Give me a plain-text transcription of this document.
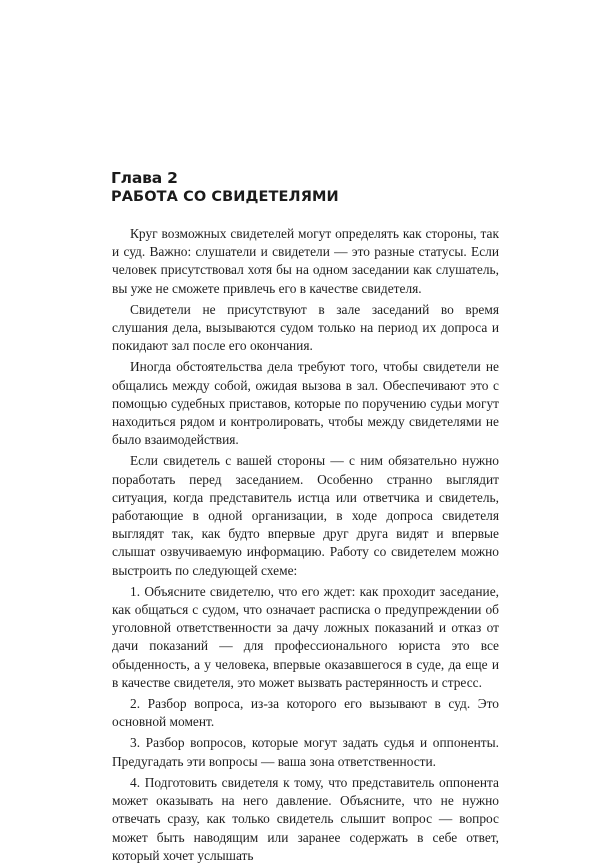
Глава 2
РАБОТА СО СВИДЕТЕЛЯМИ

Круг возможных свидетелей могут определять как стороны, так и суд. Важно: слушатели и свидетели — это разные статусы. Если человек присутствовал хотя бы на одном заседании как слушатель, вы уже не сможете привлечь его в качестве свидетеля.

Свидетели не присутствуют в зале заседаний во время слушания дела, вызываются судом только на период их допроса и покидают зал после его окончания.

Иногда обстоятельства дела требуют того, чтобы свидетели не общались между собой, ожидая вызова в зал. Обеспечивают это с помощью судебных приставов, которые по поручению судьи могут находиться рядом и контролировать, чтобы между свидетелями не было взаимодействия.

Если свидетель с вашей стороны — с ним обязательно нужно поработать перед заседанием. Особенно странно выглядит ситуация, когда представитель истца или ответчика и свидетель, работающие в одной организации, в ходе допроса свидетеля выглядят так, как будто впервые друг друга видят и впервые слышат озвучиваемую информацию. Работу со свидетелем можно выстроить по следующей схеме:

1. Объясните свидетелю, что его ждет: как проходит заседание, как общаться с судом, что означает расписка о предупреждении об уголовной ответственности за дачу ложных показаний и отказ от дачи показаний — для профессионального юриста это все обыденность, а у человека, впервые оказавшегося в суде, да еще и в качестве свидетеля, это может вызвать растерянность и стресс.

2. Разбор вопроса, из-за которого его вызывают в суд. Это основной момент.

3. Разбор вопросов, которые могут задать судья и оппоненты. Предугадать эти вопросы — ваша зона ответственности.

4. Подготовить свидетеля к тому, что представитель оппонента может оказывать на него давление. Объясните, что не нужно отвечать сразу, как только свидетель слышит вопрос — вопрос может быть наводящим или заранее содержать в себе ответ, который хочет услышать
